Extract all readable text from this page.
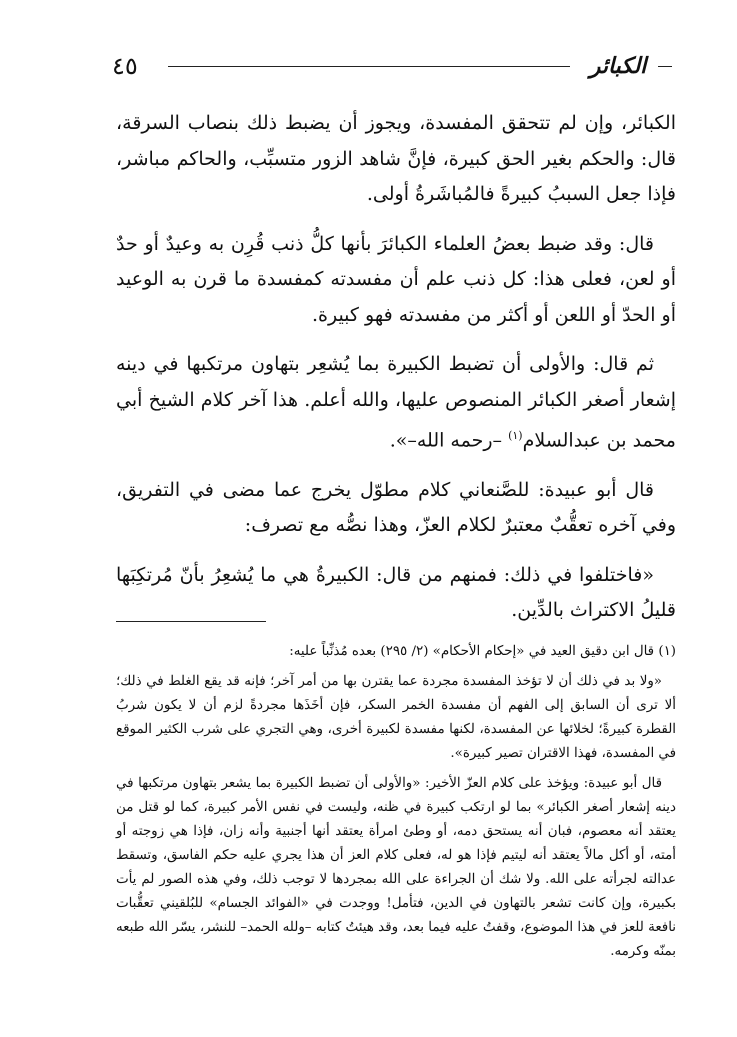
٤٥	الكبائر

الكبائر، وإن لم تتحقق المفسدة، ويجوز أن يضبط ذلك بنصاب السرقة، قال: والحكم بغير الحق كبيرة، فإنَّ شاهد الزور متسبِّب، والحاكم مباشر، فإذا جعل السببُ كبيرةً فالمُباشَرةُ أولى.

قال: وقد ضبط بعضُ العلماء الكبائرَ بأنها كلُّ ذنب قُرِن به وعيدٌ أو حدٌ أو لعن، فعلى هذا: كل ذنب علم أن مفسدته كمفسدة ما قرن به الوعيد أو الحدّ أو اللعن أو أكثر من مفسدته فهو كبيرة.

ثم قال: والأولى أن تضبط الكبيرة بما يُشعِر بتهاون مرتكبها في دينه إشعار أصغر الكبائر المنصوص عليها، والله أعلم. هذا آخر كلام الشيخ أبي محمد بن عبدالسلام$^{(١)}$ –رحمه الله–».

قال أبو عبيدة: للصَّنعاني كلام مطوّل يخرج عما مضى في التفريق، وفي آخره تعقُّبٌ معتبرٌ لكلام العزّ، وهذا نصُّه مع تصرف:

«فاختلفوا في ذلك: فمنهم من قال: الكبيرةُ هي ما يُشعِرُ بأنّ مُرتكِبَها قليلُ الاكتراث بالدِّين.

(١) قال ابن دقيق العيد في «إحكام الأحكام» (٢/ ٢٩٥) بعده مُذنِّباً عليه:

«ولا بد في ذلك أن لا تؤخذ المفسدة مجردة عما يقترن بها من أمر آخر؛ فإنه قد يقع الغلط في ذلك؛ ألا ترى أن السابق إلى الفهم أن مفسدة الخمر السكر، فإن أخَذَها مجردةً لزم أن لا يكون شربُ القطرة كبيرةً؛ لخلائها عن المفسدة، لكنها مفسدة لكبيرة أخرى، وهي التجري على شرب الكثير الموقع في المفسدة، فهذا الاقتران تصير كبيرة».

قال أبو عبيدة: ويؤخذ على كلام العزّ الأخير: «والأولى أن تضبط الكبيرة بما يشعر بتهاون مرتكبها في دينه إشعار أصغر الكبائر» بما لو ارتكب كبيرة في ظنه، وليست في نفس الأمر كبيرة، كما لو قتل من يعتقد أنه معصوم، فبان أنه يستحق دمه، أو وطئ امرأة يعتقد أنها أجنبية وأنه زان، فإذا هي زوجته أو أمته، أو أكل مالاً يعتقد أنه ليتيم فإذا هو له، فعلى كلام العز أن هذا يجري عليه حكم الفاسق، وتسقط عدالته لجرأته على الله. ولا شك أن الجراءة على الله بمجردها لا توجب ذلك، وفي هذه الصور لم يأت بكبيرة، وإن كانت تشعر بالتهاون في الدين، فتأمل! ووجدت في «الفوائد الجسام» للبُلقيني تعقُّبات نافعة للعز في هذا الموضوع، وقفتُ عليه فيما بعد، وقد هيئتُ كتابه –ولله الحمد– للنشر، يسّر الله طبعه بمنّه وكرمه.
